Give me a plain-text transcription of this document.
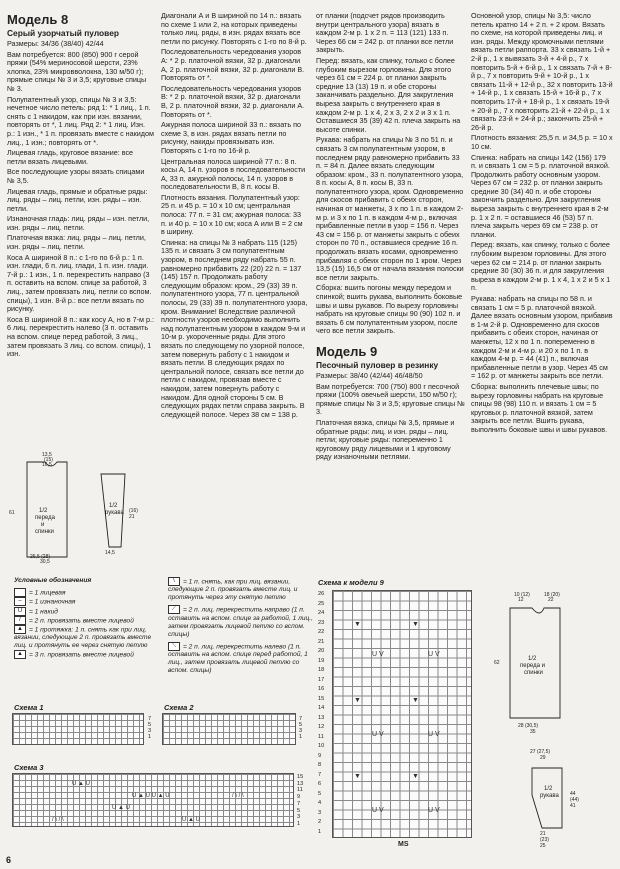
Модель 8
Серый узорчатый пуловер

Размеры: 34/36 (38/40) 42/44

Вам потребуется: 800 (850) 900 г серой пряжи (54% мериносовой шерсти, 23% хлопка, 23% микровволокна, 130 м/50 г); прямые спицы № 3 и 3,5; круговые спицы № 3.

Полупатентный узор, спицы № 3 и 3,5: нечетное число петель: ряд 1: * 1 лиц., 1 п. снять с 1 накидом, как при изн. вязании, повторять от *, 1 лиц. Ряд 2: * 1 лиц. Изн. р.: 1 изн., * 1 п. провязать вместе с накидом лиц., 1 изн.; повторять от *.

Лицевая гладь, круговое вязание: все петли вязать лицевыми.

Все последующие узоры вязать спицами № 3,5.

Лицевая гладь, прямые и обратные ряды: лиц. ряды – лиц. петли, изн. ряды – изн. петли.

Изнаночная гладь: лиц. ряды – изн. петли, изн. ряды – лиц. петли.

Платочная вязка: лиц. ряды – лиц. петли, изн. ряды – лиц. петли.

Коса А шириной 8 п.: с 1-го по 6-й р.: 1 п. изн. глади, 6 п. лиц. глади, 1 п. изн. глади. 7-й р.: 1 изн., 1 п. перекрестить направо (3 п. оставить на вспом. спице за работой, 3 лиц., затем провязать лиц. петли со вспом. спицы), 1 изн. 8-й р.: все петли вязать по рисунку.

Коса В шириной 8 п.: как косу А, но в 7-м р.: 6 лиц. перекрестить налево (3 п. оставить на вспом. спице перед работой, 3 лиц., затем провязать 3 лиц. со вспом. спицы), 1 изн.

Диагонали А и В шириной по 14 п.: вязать по схеме 1 или 2, на которых приведены только лиц. ряды, в изн. рядах вязать все петли по рисунку. Повторять с 1-го по 8-й р.

Последовательность чередования узоров A: * 2 р. платочной вязки, 32 р. диагонали А, 2 р. платочной вязки, 32 р. диагонали В. Повторять от *.

Последовательность чередования узоров B: * 2 р. платочной вязки, 32 р. диагонали В, 2 р. платочной вязки, 32 р. диагонали А. Повторять от *.

Ажурная полоса шириной 33 п.: вязать по схеме 3, в изн. рядах вязать петли по рисунку, накиды провязывать изн. Повторять с 1-го по 16-й р.

Центральная полоса шириной 77 п.: 8 п. косы А, 14 п. узоров в последовательности А, 33 п. ажурной полосы, 14 п. узоров в последовательности В, 8 п. косы В.

Плотность вязания. Полупатентный узор: 25 п. и 45 р. = 10 х 10 см; центральная полоса: 77 п. = 31 см; ажурная полоса: 33 п. и 40 р. = 10 х 10 см; коса А или В = 2 см в ширину.

Спинка: на спицы № 3 набрать 115 (125) 135 п. и связать 3 см полупатентным узором, в последнем ряду набрать 55 п. равномерно прибавить 22 (20) 22 п. = 137 (145) 157 п. Продолжать работу следующим образом: кром., 29 (33) 39 п. полупатентного узора, 77 п. центральной полосы, 29 (33) 39 п. полупатентного узора, кром. Внимание! Вследствие различной плотности узоров необходимо выполнить над полупатентным узором в каждом 9-м и 10-м р. укороченные ряды. Для этого вязать по следующему по узорной полосе, затем повернуть работу с 1 накидом и вязать петли. В следующих рядах по центральной полосе, связать все петли до петли с накидом, провязав вместе с накидом, затем повернуть работу с накидом. Для одной стороны 5 см. В следующих рядах петли справа закрыть. В следующей полосе. Через 38 см = 138 р.

от планки (подсчет рядов производить внутри центрального узора) вязать в каждом 2-м р. 1 х 2 п. = 113 (121) 133 п. Через 66 см = 242 р. от планки все петли закрыть.

Перед: вязать, как спинку, только с более глубоким вырезом горловины. Для этого через 61 см = 224 р. от планки закрыть средние 13 (13) 19 п. и обе стороны заканчивать раздельно. Для закругления выреза закрыть с внутреннего края в каждом 2-м р. 1 х 4, 2 х 3, 2 х 2 и 3 х 1 п. Оставшиеся 35 (39) 42 п. плеча закрыть на высоте спинки.

Рукава: набрать на спицы № 3 по 51 п. и связать 3 см полупатентным узором, в последнем ряду равномерно прибавить 33 п. = 84 п. Далее вязать следующим образом: кром., 33 п. полупатентного узора, 8 п. косы А, 8 п. косы В, 33 п. полупатентного узора, кром. Одновременно для скосов прибавить с обеих сторон, начиная от манжеты, 3 х по 1 п. в каждом 2-м р. и 3 х по 1 п. в каждом 4-м р., включая прибавленные петли в узор = 156 п. Через 43 см = 156 р. от манжеты закрыть с обеих сторон по 70 п., оставшиеся средние 16 п. продолжать вязать косами, одновременно прибавляя с обеих сторон по 1 кром. Через 13,5 (15) 16,5 см от начала вязания полоски все петли закрыть.

Сборка: вшить погоны между передом и спинкой; вшить рукава, выполнить боковые швы и швы рукавов. По вырезу горловины набрать на круговые спицы 90 (90) 102 п. и вязать 6 см полупатентным узором, после чего все петли закрыть.

Модель 9
Песочный пуловер в резинку

Размеры: 38/40 (42/44) 46/48/50

Вам потребуется: 700 (750) 800 г песочной пряжи (100% овечьей шерсти, 150 м/50 г); прямые спицы № 3 и 3,5; круговые спицы № 3.

Платочная вязка, спицы № 3,5, прямые и обратные ряды: лиц. и изн. ряды – лиц. петли; круговые ряды: попеременно 1 круговому ряду лицевыми и 1 круговому ряду изнаночными петлями.

Основной узор, спицы № 3,5: число петель кратно 14 + 2 п. + 2 кром. Вязать по схеме, на которой приведены лиц. и изн. ряды. Между кромочными петлями вязать петли раппорта. 33 х связать 1-й + 2-й р., 1 х вывязать 3-й + 4-й р., 7 х повторить 5-й + 6-й р., 1 х связать 7-й + 8-й р., 7 х повторить 9-й + 10-й р., 1 х связать 11-й + 12-й р., 32 х повторить 13-й + 14-й р., 1 х связать 15-й + 16-й р., 7 х повторить 17-й + 18-й р., 1 х связать 19-й + 20-й р., 7 х повторить 21-й + 22-й р., 1 х связать 23-й + 24-й р.; закончить 25-й + 26-й р.

Плотность вязания: 25,5 п. и 34,5 р. = 10 х 10 см.

Спинка: набрать на спицы 142 (156) 179 п. и связать 1 см = 5 р. платочной вязкой. Продолжить работу основным узором. Через 67 см = 232 р. от планки закрыть средние 30 (34) 40 п. и обе стороны закончить раздельно. Для закругления выреза закрыть с внутреннего края в 2-м р. 1 х 2 п. = оставшиеся 46 (53) 57 п. плеча закрыть через 69 см = 238 р. от планки.

Перед: вязать, как спинку, только с более глубоким вырезом горловины. Для этого через 62 см = 214 р. от планки закрыть средние 30 (30) 36 п. и для закругления выреза в каждом 2-м р. 1 х 4, 1 х 2 и 5 х 1 п.

Рукава: набрать на спицы по 58 п. и связать 1 см = 5 р. платочной вязкой. Далее вязать основным узором, прибавив в 1-м 2-й р. Одновременно для скосов прибавить с обеих сторон, начиная от манжеты, 12 х по 1 п. попеременно в каждом 2-м и 4-м р. и 20 х по 1 п. в каждом 4-м р. = 44 (41) п., включая прибавленные петли в узор. Через 45 см = 162 р. от манжеты закрыть все петли.

Сборка: выполнить плечевые швы; по вырезу горловины набрать на круговые спицы 98 (98) 110 п. и вязать 1 см = 5 круговых р. платочной вязкой, затем закрыть все петли. Вшить рукава, выполнить боковые швы и швы рукавов.

1/2
переда
и
спинки
1/2
рукава
13,5
(15)
16,5
61
26,5 (28)
30,5
14,5
(16)
21
Условные обозначения
= 1 лицевая
– = 1 изнаночная
U = 1 накид
/ = 2 п. провязать вместе лицевой
▲ = 1 протяжка: 1 п. снять как при лиц. вязании, следующие 2 п. провязать вместе лиц. и протянуть ее через снятую петлю
▲ = 3 п. провязать вместе лицевой
\ = 1 п. снять, как при лиц. вязании, следующие 2 п. провязать вместе лиц. и протянуть через эту снятую петлю
⟋ = 2 п. лиц. перекрестить направо (1 п. оставить на вспом. спице за работой, 1 лиц., затем провязать лицевой петлю со вспом. спицы)
⟍ = 2 п. лиц. перекрестить налево (1 п. оставить на вспом. спице перед работой, 1 лиц., затем провязать лицевой петлю со вспом. спицы)
Схема 1
7
5
3
1
Схема 2
7
5
3
1
Схема 3
U ▲ U
U ▲ U U ▲ U
U ▲ U
U ▲ U
/ \ / \
/ \ / \
15
13
11
9
7
5
3
1
Схема к модели 9
26
25
24
23
22
21
20
19
18
17
16
15
14
13
12
11
10
9
8
7
6
5
4
3
2
1
▼	▼
U V	U V
▼	▼
U V	U V
▼	▼
U V	U V
MS
1/2
переда и
спинки
1/2
рукава
10 (12)
12
18 (20)
22
62
28 (30,5)
35
27 (27,5)
29
21
(23)
25
44
(44)
41
6
